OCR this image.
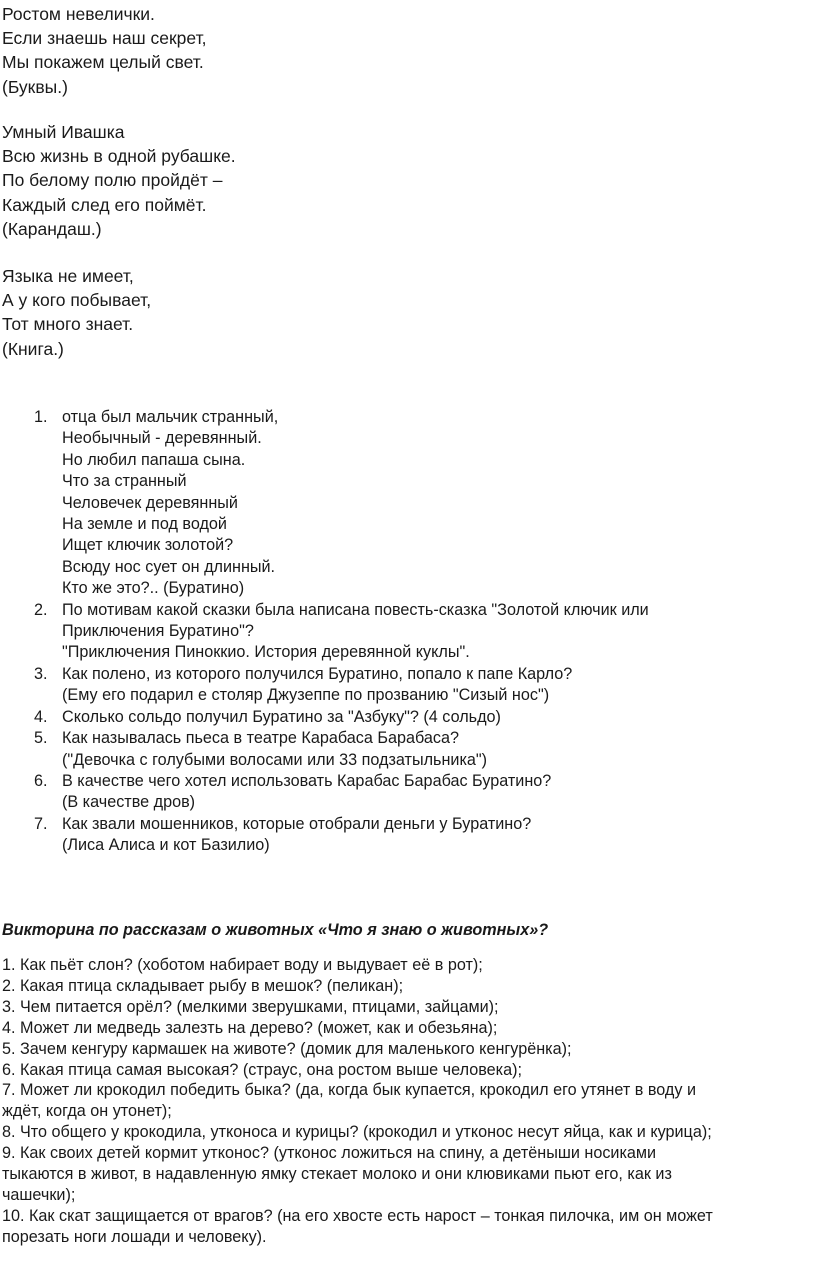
Ростом невелички.
Если знаешь наш секрет,
Мы покажем целый свет.
(Буквы.)
Умный Ивашка
Всю жизнь в одной рубашке.
По белому полю пройдёт –
Каждый след его поймёт.
(Карандаш.)
Языка не имеет,
А у кого побывает,
Тот много знает.
(Книга.)
1. отца был мальчик странный,
Необычный - деревянный.
Но любил папаша сына.
Что за странный
Человечек деревянный
На земле и под водой
Ищет ключик золотой?
Всюду нос сует он длинный.
Кто же это?.. (Буратино)
2. По мотивам какой сказки была написана повесть-сказка "Золотой ключик или
Приключения Буратино"?
"Приключения Пиноккио. История деревянной куклы".
3. Как полено, из которого получился Буратино, попало к папе Карло?
(Ему его подарил е столяр Джузеппе по прозванию "Сизый нос")
4. Сколько сольдо получил Буратино за "Азбуку"? (4 сольдо)
5. Как называлась пьеса в театре Карабаса Барабаса?
("Девочка с голубыми волосами или 33 подзатыльника")
6. В качестве чего хотел использовать Карабас Барабас Буратино?
(В качестве дров)
7. Как звали мошенников, которые отобрали деньги у Буратино?
(Лиса Алиса и кот Базилио)
Викторина по рассказам о животных «Что я знаю о животных»?
1. Как пьёт слон? (хоботом набирает воду и выдувает её в рот);
2. Какая птица складывает рыбу в мешок? (пеликан);
3. Чем питается орёл? (мелкими зверушками, птицами, зайцами);
4. Может ли медведь залезть на дерево? (может, как и обезьяна);
5. Зачем кенгуру кармашек на животе? (домик для маленького кенгурёнка);
6. Какая птица самая высокая? (страус, она ростом выше человека);
7. Может ли крокодил победить быка? (да, когда бык купается, крокодил его утянет в воду и
ждёт, когда он утонет);
8. Что общего у крокодила, утконоса и курицы? (крокодил и утконос несут яйца, как и курица);
9. Как своих детей кормит утконос? (утконос ложиться на спину, а детёныши носиками
тыкаются в живот, в надавленную ямку стекает молоко и они клювиками пьют его, как из
чашечки);
10. Как скат защищается от врагов? (на его хвосте есть нарост – тонкая пилочка, им он может
порезать ноги лошади и человеку).
